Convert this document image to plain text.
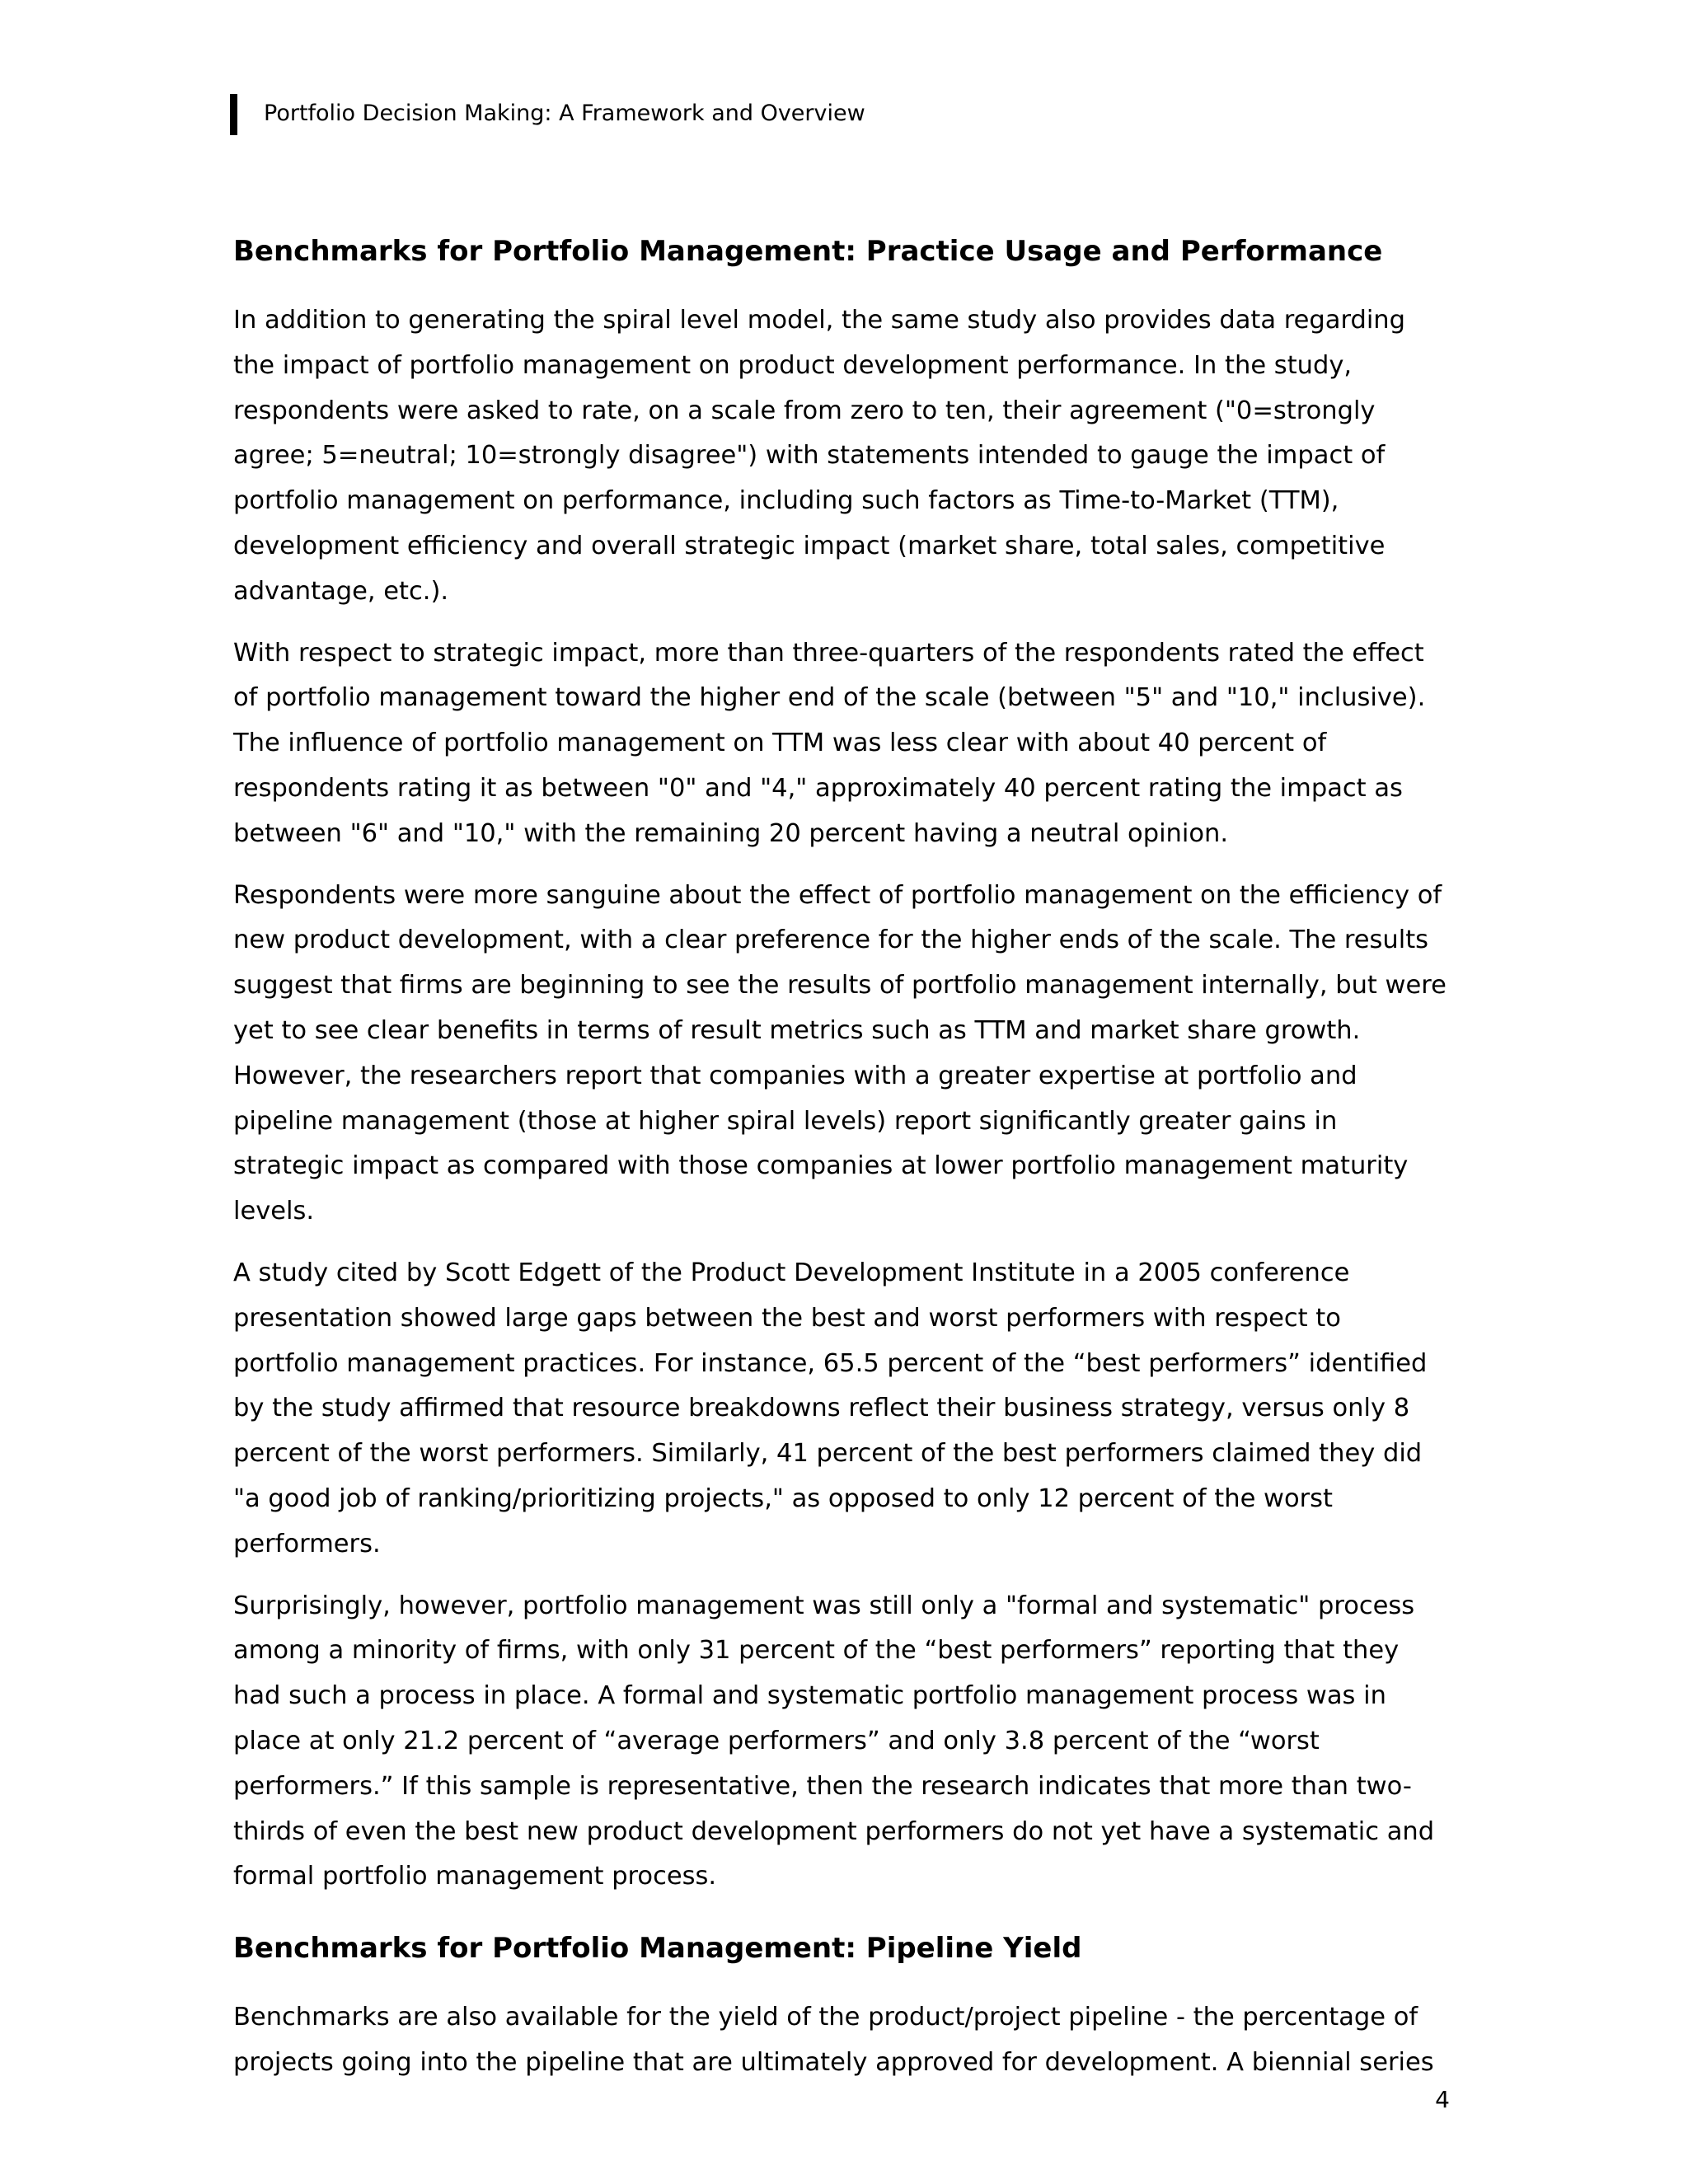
Portfolio Decision Making: A Framework and Overview
Benchmarks for Portfolio Management: Practice Usage and Performance

In addition to generating the spiral level model, the same study also provides data regarding the impact of portfolio management on product development performance. In the study, respondents were asked to rate, on a scale from zero to ten, their agreement ("0=strongly agree; 5=neutral; 10=strongly disagree") with statements intended to gauge the impact of portfolio management on performance, including such factors as Time-to-Market (TTM), development efficiency and overall strategic impact (market share, total sales, competitive advantage, etc.).

With respect to strategic impact, more than three-quarters of the respondents rated the effect of portfolio management toward the higher end of the scale (between "5" and "10," inclusive). The influence of portfolio management on TTM was less clear with about 40 percent of respondents rating it as between "0" and "4," approximately 40 percent rating the impact as between "6" and "10," with the remaining 20 percent having a neutral opinion.

Respondents were more sanguine about the effect of portfolio management on the efficiency of new product development, with a clear preference for the higher ends of the scale. The results suggest that firms are beginning to see the results of portfolio management internally, but were yet to see clear benefits in terms of result metrics such as TTM and market share growth. However, the researchers report that companies with a greater expertise at portfolio and pipeline management (those at higher spiral levels) report significantly greater gains in strategic impact as compared with those companies at lower portfolio management maturity levels.

A study cited by Scott Edgett of the Product Development Institute in a 2005 conference presentation showed large gaps between the best and worst performers with respect to portfolio management practices. For instance, 65.5 percent of the “best performers” identified by the study affirmed that resource breakdowns reflect their business strategy, versus only 8 percent of the worst performers. Similarly, 41 percent of the best performers claimed they did "a good job of ranking/prioritizing projects," as opposed to only 12 percent of the worst performers.

Surprisingly, however, portfolio management was still only a "formal and systematic" process among a minority of firms, with only 31 percent of the “best performers” reporting that they had such a process in place. A formal and systematic portfolio management process was in place at only 21.2 percent of “average performers” and only 3.8 percent of the “worst performers.” If this sample is representative, then the research indicates that more than two-thirds of even the best new product development performers do not yet have a systematic and formal portfolio management process.

Benchmarks for Portfolio Management: Pipeline Yield

Benchmarks are also available for the yield of the product/project pipeline - the percentage of projects going into the pipeline that are ultimately approved for development. A biennial series

4
